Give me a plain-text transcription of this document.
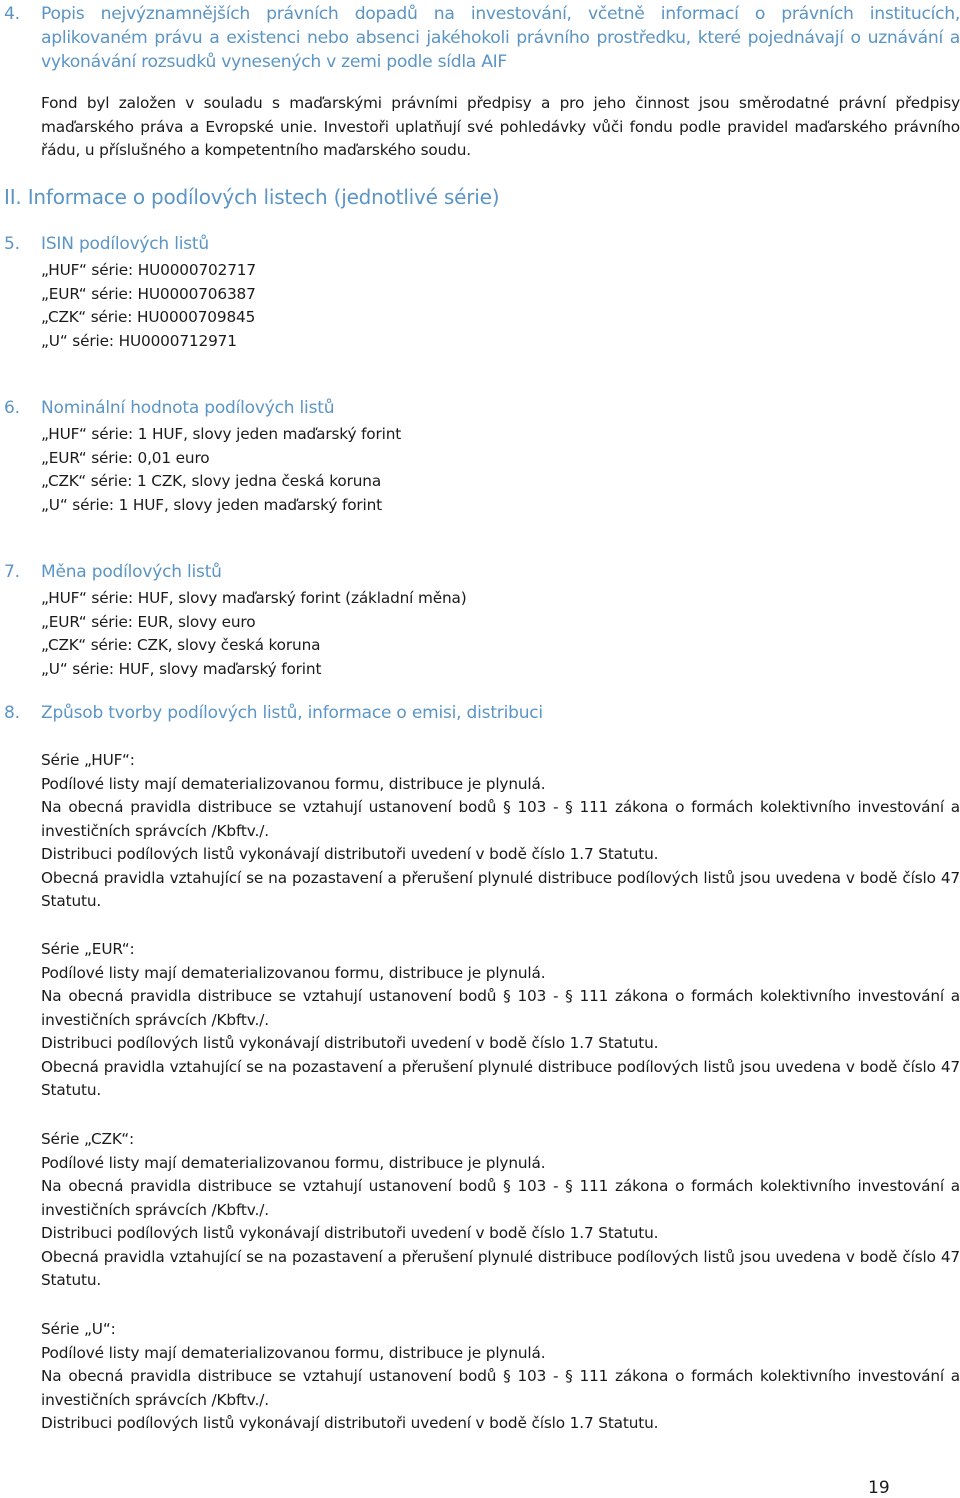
4.	Popis nejvýznamnějších právních dopadů na investování, včetně informací o právních institucích, aplikovaném právu a existenci nebo absenci jakéhokoli právního prostředku, které pojednávají o uznávání a vykonávání rozsudků vynesených v zemi podle sídla AIF
Fond byl založen v souladu s maďarskými právními předpisy a pro jeho činnost jsou směrodatné právní předpisy maďarského práva a Evropské unie. Investoři uplatňují své pohledávky vůči fondu podle pravidel maďarského právního řádu, u příslušného a kompetentního maďarského soudu.
II. Informace o podílových listech (jednotlivé série)
5. ISIN podílových listů
„HUF“ série: HU0000702717
„EUR“ série: HU0000706387
„CZK“ série: HU0000709845
„U“ série: HU0000712971
6. Nominální hodnota podílových listů
„HUF“ série: 1 HUF, slovy jeden maďarský forint
„EUR“ série: 0,01 euro
„CZK“ série: 1 CZK, slovy jedna česká koruna
„U“ série: 1 HUF, slovy jeden maďarský forint
7. Měna podílových listů
„HUF“ série: HUF, slovy maďarský forint (základní měna)
„EUR“ série: EUR, slovy euro
„CZK“ série: CZK, slovy česká koruna
„U“ série: HUF, slovy maďarský forint
8. Způsob tvorby podílových listů, informace o emisi, distribuci
Série „HUF“:
Podílové listy mají dematerializovanou formu, distribuce je plynulá.
Na obecná pravidla distribuce se vztahují ustanovení bodů § 103 - § 111 zákona o formách kolektivního investování a investičních správcích /Kbftv./.
Distribuci podílových listů vykonávají distributoři uvedení v bodě číslo 1.7 Statutu.
Obecná pravidla vztahující se na pozastavení a přerušení plynulé distribuce podílových listů jsou uvedena v bodě číslo 47 Statutu.
Série „EUR“:
Podílové listy mají dematerializovanou formu, distribuce je plynulá.
Na obecná pravidla distribuce se vztahují ustanovení bodů § 103 - § 111 zákona o formách kolektivního investování a investičních správcích /Kbftv./.
Distribuci podílových listů vykonávají distributoři uvedení v bodě číslo 1.7 Statutu.
Obecná pravidla vztahující se na pozastavení a přerušení plynulé distribuce podílových listů jsou uvedena v bodě číslo 47 Statutu.
Série „CZK“:
Podílové listy mají dematerializovanou formu, distribuce je plynulá.
Na obecná pravidla distribuce se vztahují ustanovení bodů § 103 - § 111 zákona o formách kolektivního investování a investičních správcích /Kbftv./.
Distribuci podílových listů vykonávají distributoři uvedení v bodě číslo 1.7 Statutu.
Obecná pravidla vztahující se na pozastavení a přerušení plynulé distribuce podílových listů jsou uvedena v bodě číslo 47 Statutu.
Série „U“:
Podílové listy mají dematerializovanou formu, distribuce je plynulá.
Na obecná pravidla distribuce se vztahují ustanovení bodů § 103 - § 111 zákona o formách kolektivního investování a investičních správcích /Kbftv./.
Distribuci podílových listů vykonávají distributoři uvedení v bodě číslo 1.7 Statutu.
19
